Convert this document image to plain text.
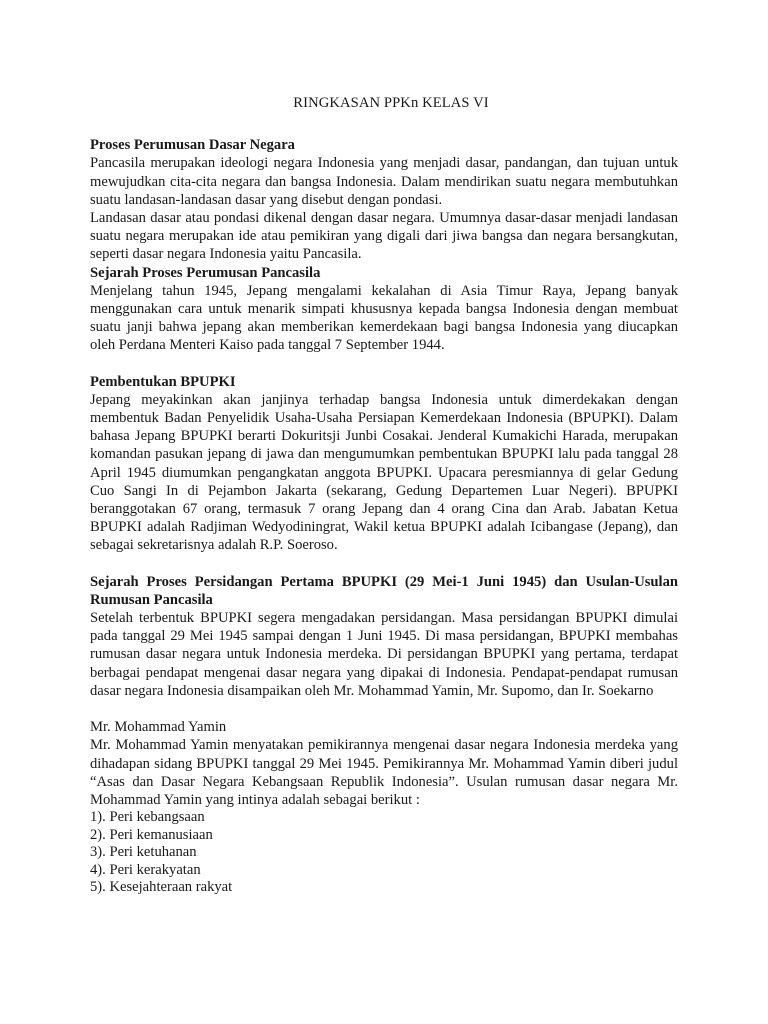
RINGKASAN PPKn KELAS VI
Proses Perumusan Dasar Negara

Pancasila merupakan ideologi negara Indonesia yang menjadi dasar, pandangan, dan tujuan untuk mewujudkan cita-cita negara dan bangsa Indonesia. Dalam mendirikan suatu negara membutuhkan suatu landasan-landasan dasar yang disebut dengan pondasi.

Landasan dasar atau pondasi dikenal dengan dasar negara. Umumnya dasar-dasar menjadi landasan suatu negara merupakan ide atau pemikiran yang digali dari jiwa bangsa dan negara bersangkutan, seperti dasar negara Indonesia yaitu Pancasila.

Sejarah Proses Perumusan Pancasila

Menjelang tahun 1945, Jepang mengalami kekalahan di Asia Timur Raya, Jepang banyak menggunakan cara untuk menarik simpati khususnya kepada bangsa Indonesia dengan membuat suatu janji bahwa jepang akan memberikan kemerdekaan bagi bangsa Indonesia yang diucapkan oleh Perdana Menteri Kaiso pada tanggal 7 September 1944.

Pembentukan BPUPKI

Jepang meyakinkan akan janjinya terhadap bangsa Indonesia untuk dimerdekakan dengan membentuk Badan Penyelidik Usaha-Usaha Persiapan Kemerdekaan Indonesia (BPUPKI). Dalam bahasa Jepang BPUPKI berarti Dokuritsji Junbi Cosakai. Jenderal Kumakichi Harada, merupakan komandan pasukan jepang di jawa dan mengumumkan pembentukan BPUPKI lalu pada tanggal 28 April 1945 diumumkan pengangkatan anggota BPUPKI. Upacara peresmiannya di gelar Gedung Cuo Sangi In di Pejambon Jakarta (sekarang, Gedung Departemen Luar Negeri). BPUPKI beranggotakan 67 orang, termasuk 7 orang Jepang dan 4 orang Cina dan Arab. Jabatan Ketua BPUPKI adalah Radjiman Wedyodiningrat, Wakil ketua BPUPKI adalah Icibangase (Jepang), dan sebagai sekretarisnya adalah R.P. Soeroso.

Sejarah Proses Persidangan Pertama BPUPKI (29 Mei-1 Juni 1945) dan Usulan-Usulan Rumusan Pancasila

Setelah terbentuk BPUPKI segera mengadakan persidangan. Masa persidangan BPUPKI dimulai pada tanggal 29 Mei 1945 sampai dengan 1 Juni 1945. Di masa persidangan, BPUPKI membahas rumusan dasar negara untuk Indonesia merdeka. Di persidangan BPUPKI yang pertama, terdapat berbagai pendapat mengenai dasar negara yang dipakai di Indonesia. Pendapat-pendapat rumusan dasar negara Indonesia disampaikan oleh Mr. Mohammad Yamin, Mr. Supomo, dan Ir. Soekarno

Mr. Mohammad Yamin

Mr. Mohammad Yamin menyatakan pemikirannya mengenai dasar negara Indonesia merdeka yang dihadapan sidang BPUPKI tanggal 29 Mei 1945. Pemikirannya Mr. Mohammad Yamin diberi judul “Asas dan Dasar Negara Kebangsaan Republik Indonesia”. Usulan rumusan dasar negara Mr. Mohammad Yamin yang intinya adalah sebagai berikut :

1). Peri kebangsaan
2). Peri kemanusiaan
3). Peri ketuhanan
4). Peri kerakyatan
5). Kesejahteraan rakyat
